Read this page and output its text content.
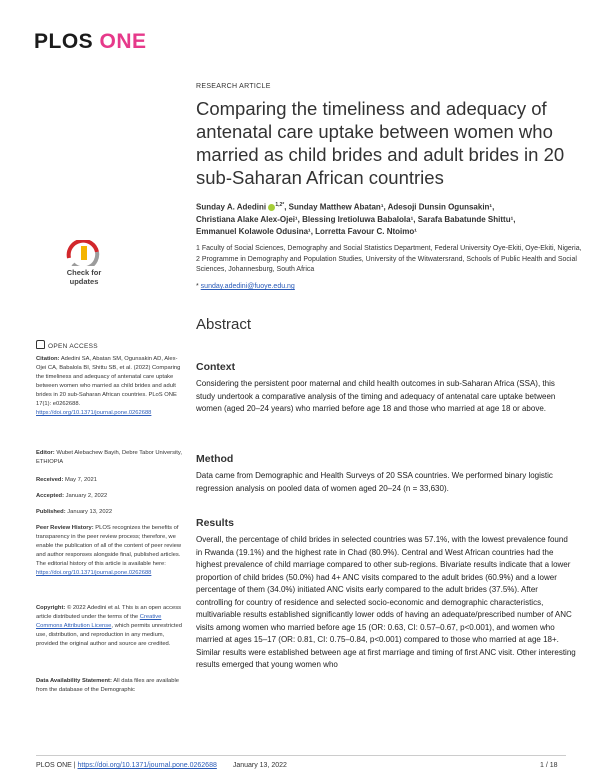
PLOS ONE
RESEARCH ARTICLE
Comparing the timeliness and adequacy of antenatal care uptake between women who married as child brides and adult brides in 20 sub-Saharan African countries
Sunday A. Adedini $^{1,2*}$, Sunday Matthew Abatan¹, Adesoji Dunsin Ogunsakin¹,
Christiana Alake Alex-Ojei¹, Blessing Iretioluwa Babalola¹, Sarafa Babatunde Shittu¹,
Emmanuel Kolawole Odusina¹, Lorretta Favour C. Ntoimo¹
1 Faculty of Social Sciences, Demography and Social Statistics Department, Federal University Oye-Ekiti, Oye-Ekiti, Nigeria, 2 Programme in Demography and Population Studies, University of the Witwatersrand, Schools of Public Health and Social Sciences, Johannesburg, South Africa
* sunday.adedini@fuoye.edu.ng
Check for
updates
OPEN ACCESS
Citation: Adedini SA, Abatan SM, Ogunsakin AD, Alex-Ojei CA, Babalola BI, Shittu SB, et al. (2022) Comparing the timeliness and adequacy of antenatal care uptake between women who married as child brides and adult brides in 20 sub-Saharan African countries. PLoS ONE 17(1): e0262688. https://doi.org/10.1371/journal.pone.0262688
Editor: Wubet Alebachew Bayih, Debre Tabor University, ETHIOPIA
Received: May 7, 2021
Accepted: January 2, 2022
Published: January 13, 2022
Peer Review History: PLOS recognizes the benefits of transparency in the peer review process; therefore, we enable the publication of all of the content of peer review and author responses alongside final, published articles. The editorial history of this article is available here: https://doi.org/10.1371/journal.pone.0262688
Copyright: © 2022 Adedini et al. This is an open access article distributed under the terms of the Creative Commons Attribution License, which permits unrestricted use, distribution, and reproduction in any medium, provided the original author and source are credited.
Data Availability Statement: All data files are available from the database of the Demographic
Abstract
Context
Considering the persistent poor maternal and child health outcomes in sub-Saharan Africa (SSA), this study undertook a comparative analysis of the timing and adequacy of antenatal care uptake between women (aged 20–24 years) who married before age 18 and those who married at age 18 or above.
Method
Data came from Demographic and Health Surveys of 20 SSA countries. We performed binary logistic regression analysis on pooled data of women aged 20–24 (n = 33,630).
Results
Overall, the percentage of child brides in selected countries was 57.1%, with the lowest prevalence found in Rwanda (19.1%) and the highest rate in Chad (80.9%). Central and West African countries had the highest prevalence of child marriage compared to other sub-regions. Bivariate results indicate that a lower proportion of child brides (50.0%) had 4+ ANC visits compared to the adult brides (60.9%) and a lower percentage of them (34.0%) initiated ANC visits early compared to the adult brides (37.5%). After controlling for country of residence and selected socio-economic and demographic characteristics, multivariable results established significantly lower odds of having an adequate/prescribed number of ANC visits among women who married before age 15 (OR: 0.63, CI: 0.57–0.67, p<0.001), and women who married at ages 15–17 (OR: 0.81, CI: 0.75–0.84, p<0.001) compared to those who married at age 18+. Similar results were established between age at first marriage and timing of first ANC visit. Other interesting results emerged that young women who
PLOS ONE | https://doi.org/10.1371/journal.pone.0262688 January 13, 2022	1 / 18
